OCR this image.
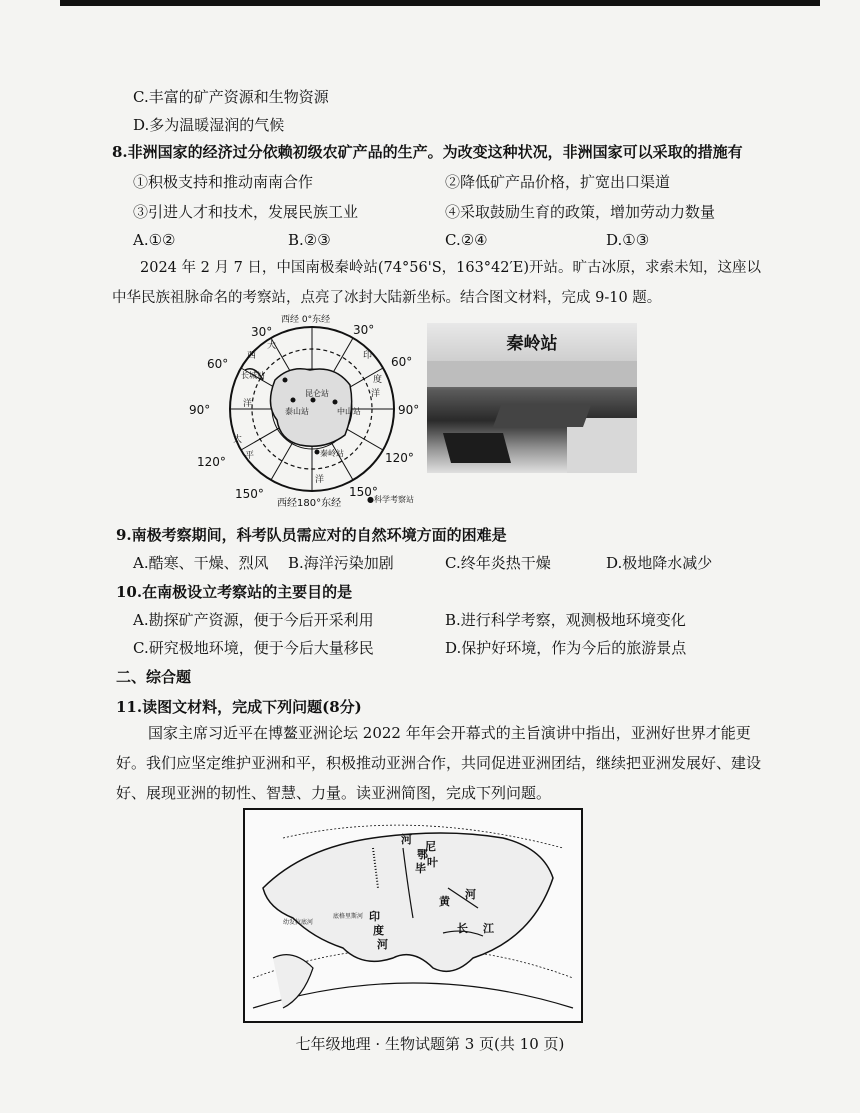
C.丰富的矿产资源和生物资源
D.多为温暖湿润的气候
8.非洲国家的经济过分依赖初级农矿产品的生产。为改变这种状况，非洲国家可以采取的措施有
①积极支持和推动南南合作	②降低矿产品价格，扩宽出口渠道
③引进人才和技术，发展民族工业	④采取鼓励生育的政策，增加劳动力数量
A.①②	B.②③	C.②④	D.①③
2024 年 2 月 7 日，中国南极秦岭站(74°56'S，163°42′E)开站。旷古冰原，求索未知，这座以
中华民族祖脉命名的考察站，点亮了冰封大陆新坐标。结合图文材料，完成 9-10 题。
西经 0°东经
西经180°东经	●科学考察站
30°	30°
60°	60°
90°	90°
120°	120°
150°	150°
大
西
洋
太
平
洋
印
度
洋
长城站
中山站
昆仑站
秦岭站
泰山站
秦岭站
9.南极考察期间，科考队员需应对的自然环境方面的困难是
A.酷寒、干燥、烈风 B.海洋污染加剧	C.终年炎热干燥	D.极地降水减少
10.在南极设立考察站的主要目的是
A.勘探矿产资源，便于今后开采利用	B.进行科学考察，观测极地环境变化
C.研究极地环境，便于今后大量移民	D.保护好环境，作为今后的旅游景点
二、综合题
11.读图文材料，完成下列问题(8分)
国家主席习近平在博鳌亚洲论坛 2022 年年会开幕式的主旨演讲中指出，亚洲好世界才能更好。我们应坚定维护亚洲和平，积极推动亚洲合作，共同促进亚洲团结，继续把亚洲发展好、建设好、展现亚洲的韧性、智慧、力量。读亚洲简图，完成下列问题。
河
鄂
毕
尼
叶
黄
河
长 江
印
度
河
幼发拉底河
底格里斯河
七年级地理 · 生物试题第 3 页(共 10 页)
